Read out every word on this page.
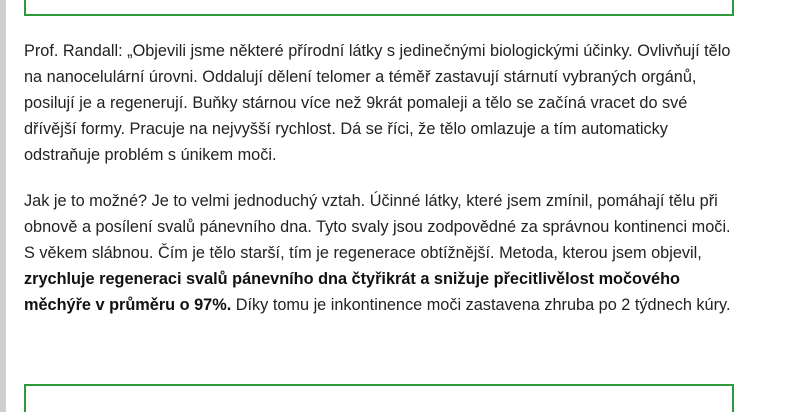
Prof. Randall: „Objevili jsme některé přírodní látky s jedinečnými biologickými účinky. Ovlivňují tělo na nanocelulární úrovni. Oddalují dělení telomer a téměř zastavují stárnutí vybraných orgánů, posilují je a regenerují. Buňky stárnou více než 9krát pomaleji a tělo se začíná vracet do své dřívější formy. Pracuje na nejvyšší rychlost. Dá se říci, že tělo omlazuje a tím automaticky odstraňuje problém s únikem moči.

Jak je to možné? Je to velmi jednoduchý vztah. Účinné látky, které jsem zmínil, pomáhají tělu při obnově a posílení svalů pánevního dna. Tyto svaly jsou zodpovědné za správnou kontinenci moči. S věkem slábnou. Čím je tělo starší, tím je regenerace obtížnější. Metoda, kterou jsem objevil, zrychluje regeneraci svalů pánevního dna čtyřikrát a snižuje přecitlivělost močového měchýře v průměru o 97%. Díky tomu je inkontinence moči zastavena zhruba po 2 týdnech kúry.
